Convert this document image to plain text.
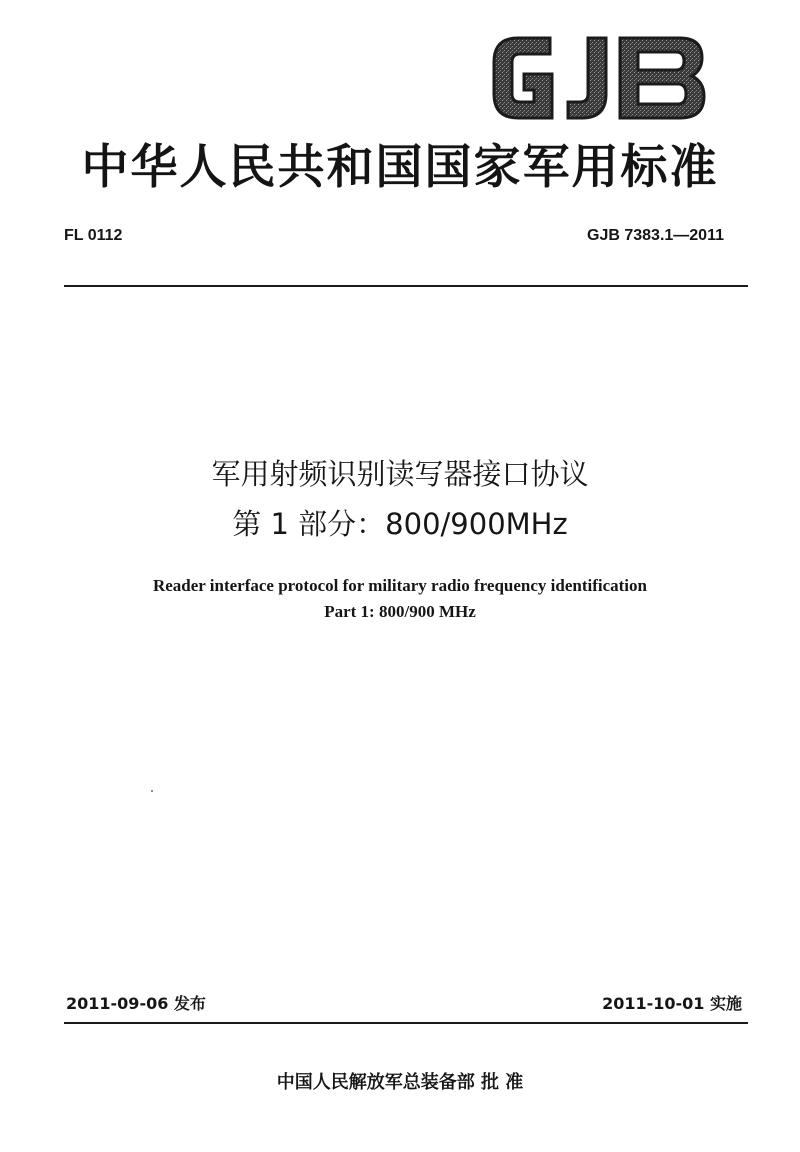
中华人民共和国国家军用标准
FL 0112	GJB 7383.1—2011
军用射频识别读写器接口协议
第 1 部分：800/900MHz
Reader interface protocol for military radio frequency identification
Part 1: 800/900 MHz
2011-09-06 发布	2011-10-01 实施
中国人民解放军总装备部 批 准
